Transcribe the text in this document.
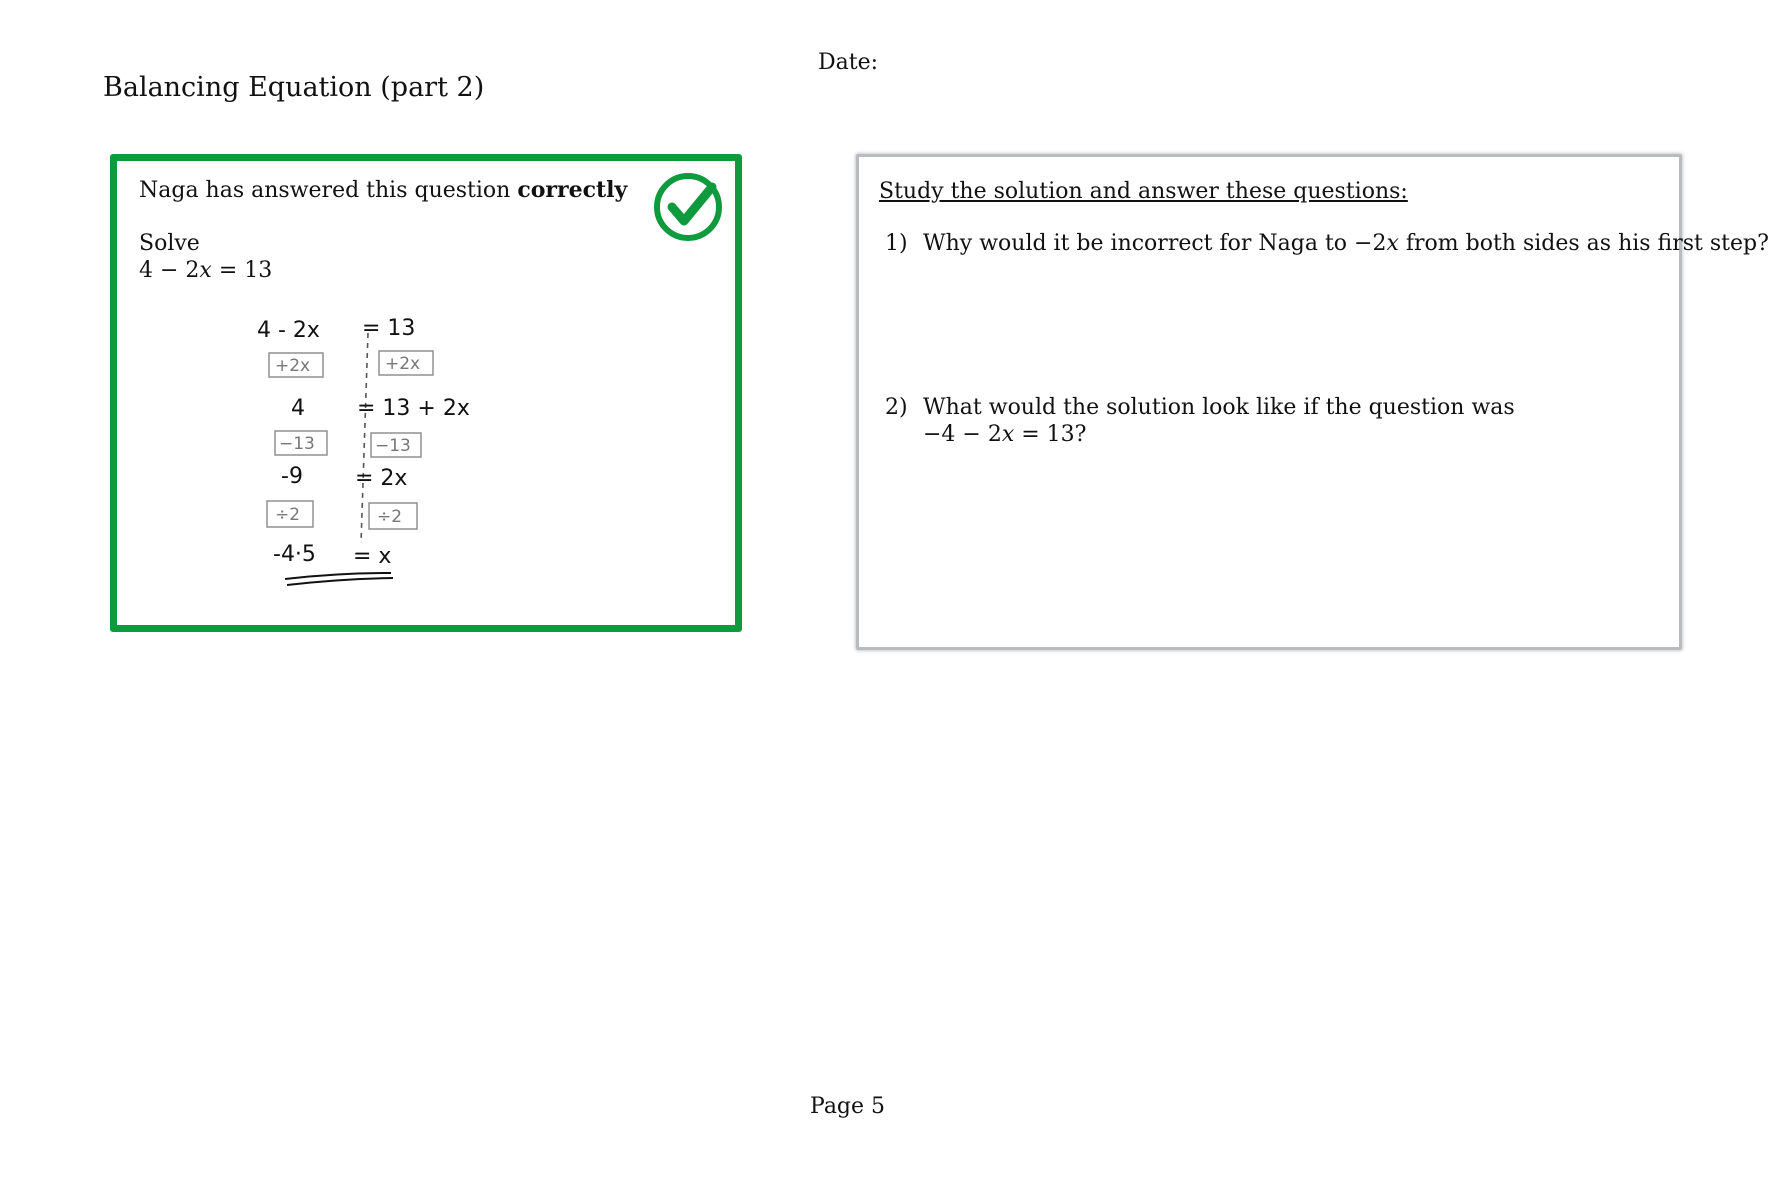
Balancing Equation (part 2)
Date:
Naga has answered this question correctly
Solve
4 − 2𝑥 = 13
4 - 2x = 13
+2x	+2x
4 = 13 + 2x
−13	−13
-9 = 2x
÷2	÷2
-4·5 = x
Study the solution and answer these questions:
1) Why would it be incorrect for Naga to −2𝑥 from both sides as his first step?
2) What would the solution look like if the question was
−4 − 2𝑥 = 13?
Page 5
